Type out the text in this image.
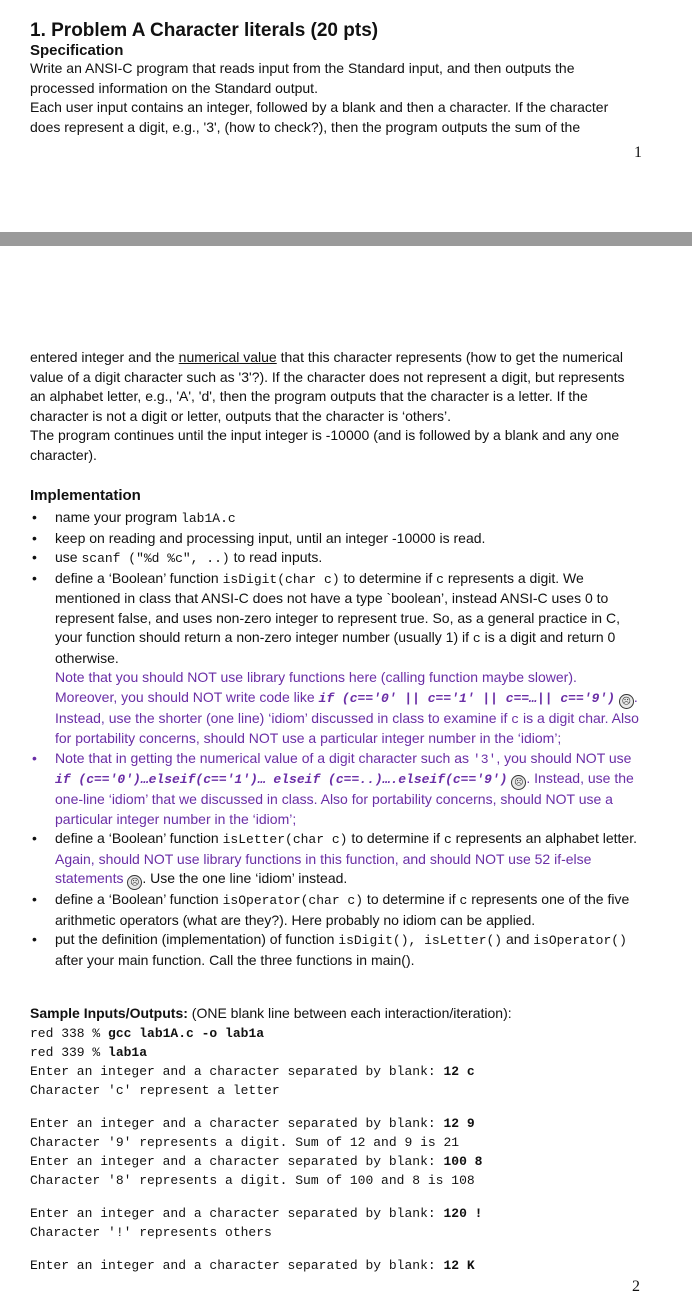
1. Problem A Character literals (20 pts)

Specification

Write an ANSI-C program that reads input from the Standard input, and then outputs the processed information on the Standard output.

Each user input contains an integer, followed by a blank and then a character. If the character does represent a digit, e.g., '3', (how to check?), then the program outputs the sum of the

1

entered integer and the numerical value that this character represents (how to get the numerical value of a digit character such as '3'?). If the character does not represent a digit, but represents an alphabet letter, e.g., 'A', 'd', then the program outputs that the character is a letter. If the character is not a digit or letter, outputs that the character is ‘others’.

The program continues until the input integer is -10000 (and is followed by a blank and any one character).

Implementation

• name your program lab1A.c
• keep on reading and processing input, until an integer -10000 is read.
• use scanf ("%d %c", ..) to read inputs.
• define a ‘Boolean’ function isDigit(char c) to determine if c represents a digit. We mentioned in class that ANSI-C does not have a type `boolean’, instead ANSI-C uses 0 to represent false, and uses non-zero integer to represent true. So, as a general practice in C, your function should return a non-zero integer number (usually 1) if c is a digit and return 0 otherwise.
Note that you should NOT use library functions here (calling function maybe slower). Moreover, you should NOT write code like if (c=='0' || c=='1' || c==…|| c=='9') ☹ . Instead, use the shorter (one line) ‘idiom’ discussed in class to examine if c is a digit char. Also for portability concerns, should NOT use a particular integer number in the ‘idiom’;
• Note that in getting the numerical value of a digit character such as '3', you should NOT use if (c=='0')…elseif(c=='1')… elseif (c==..)….elseif(c=='9') ☹ . Instead, use the one-line ‘idiom’ that we discussed in class. Also for portability concerns, should NOT use a particular integer number in the ‘idiom’;
• define a ‘Boolean’ function isLetter(char c) to determine if c represents an alphabet letter. Again, should NOT use library functions in this function, and should NOT use 52 if-else statements ☹ . Use the one line ‘idiom’ instead.
• define a ‘Boolean’ function isOperator(char c) to determine if c represents one of the five arithmetic operators (what are they?). Here probably no idiom can be applied.
• put the definition (implementation) of function isDigit(), isLetter() and isOperator() after your main function. Call the three functions in main().

Sample Inputs/Outputs: (ONE blank line between each interaction/iteration):

red 338 % gcc lab1A.c -o lab1a

red 339 % lab1a

Enter an integer and a character separated by blank: 12 c

Character 'c' represent a letter

Enter an integer and a character separated by blank: 12 9

Character '9' represents a digit. Sum of 12 and 9 is 21

Enter an integer and a character separated by blank: 100 8

Character '8' represents a digit. Sum of 100 and 8 is 108

Enter an integer and a character separated by blank: 120 !

Character '!' represents others

Enter an integer and a character separated by blank: 12 K

2
